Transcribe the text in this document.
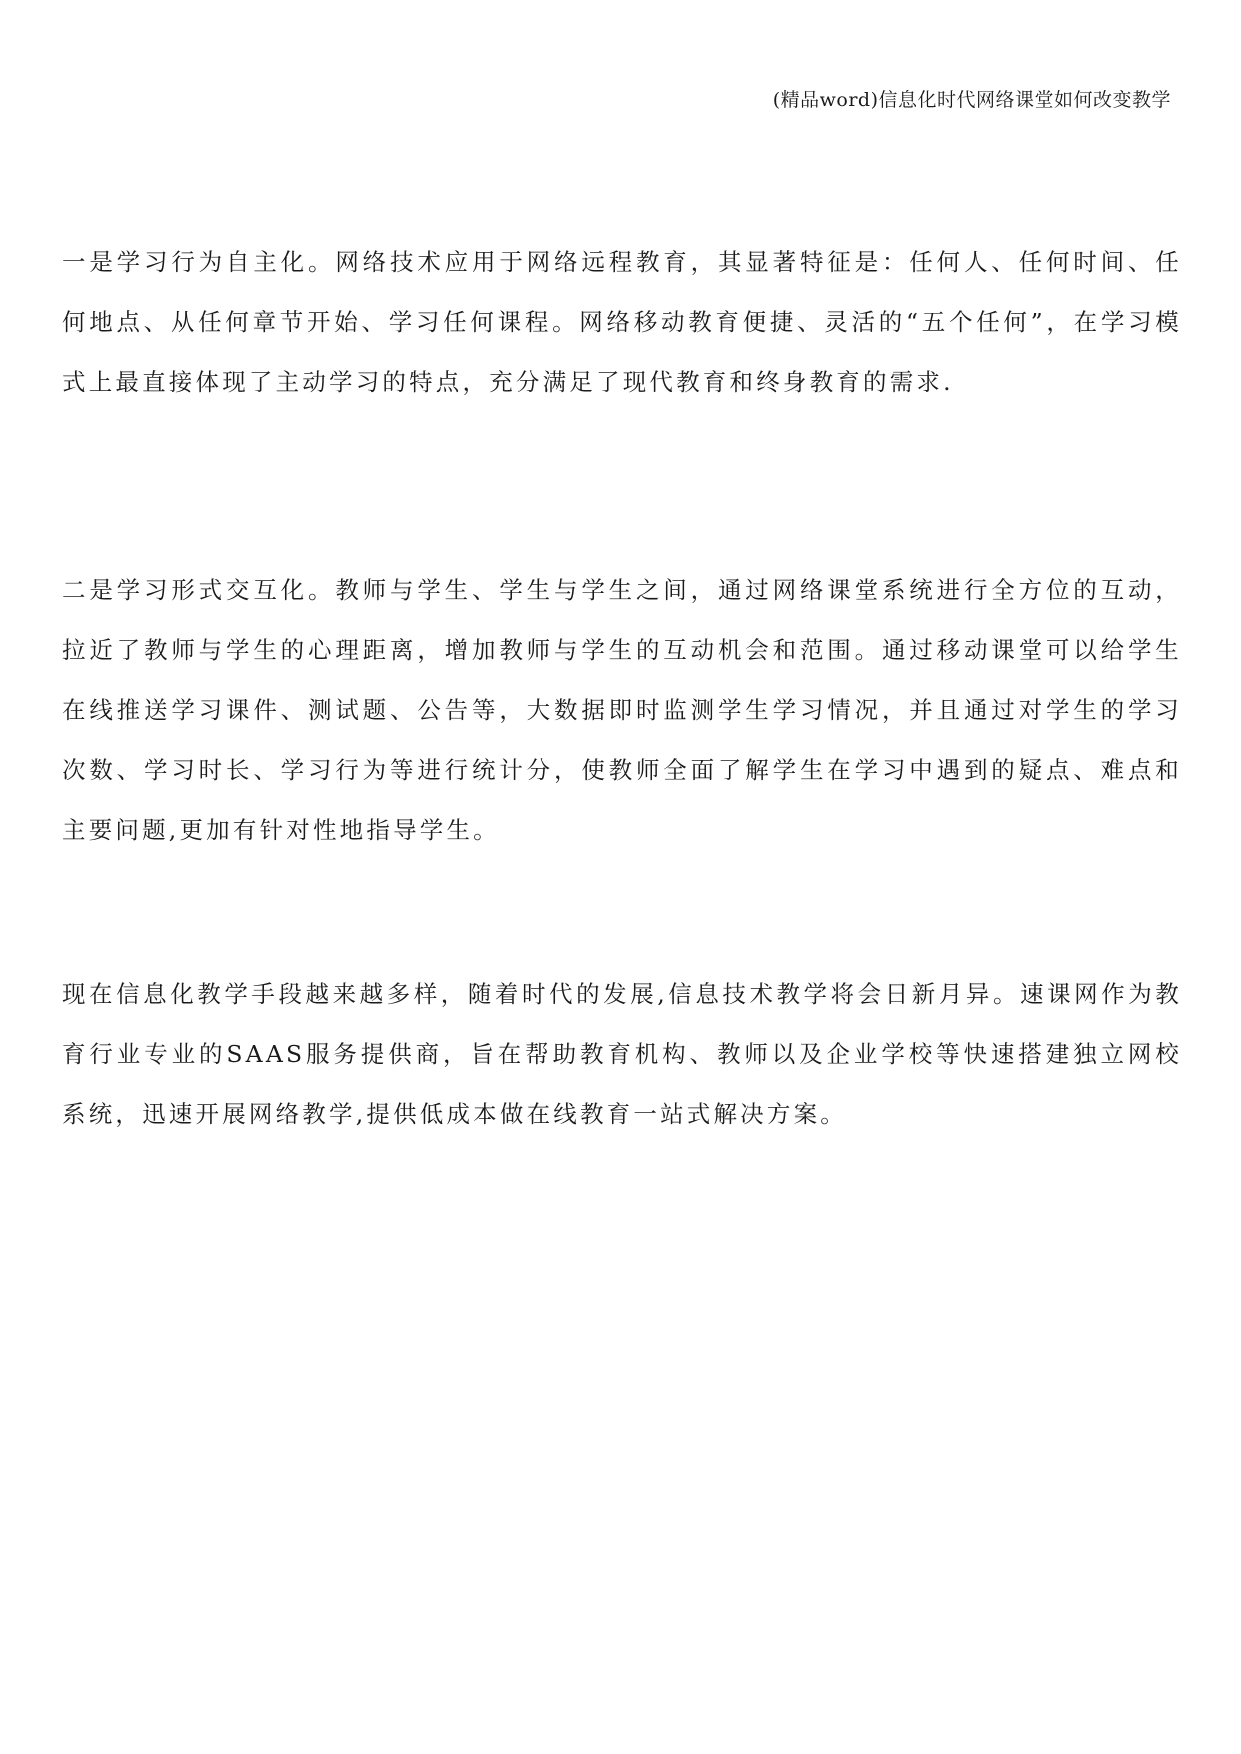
(精品word)信息化时代网络课堂如何改变教学

一是学习行为自主化。网络技术应用于网络远程教育，其显著特征是：任何人、任何时间、任何地点、从任何章节开始、学习任何课程。网络移动教育便捷、灵活的“五个任何”，在学习模式上最直接体现了主动学习的特点，充分满足了现代教育和终身教育的需求.

二是学习形式交互化。教师与学生、学生与学生之间，通过网络课堂系统进行全方位的互动，拉近了教师与学生的心理距离，增加教师与学生的互动机会和范围。通过移动课堂可以给学生在线推送学习课件、测试题、公告等，大数据即时监测学生学习情况，并且通过对学生的学习次数、学习时长、学习行为等进行统计分，使教师全面了解学生在学习中遇到的疑点、难点和主要问题,更加有针对性地指导学生。

现在信息化教学手段越来越多样，随着时代的发展,信息技术教学将会日新月异。速课网作为教育行业专业的SAAS服务提供商，旨在帮助教育机构、教师以及企业学校等快速搭建独立网校系统，迅速开展网络教学,提供低成本做在线教育一站式解决方案。
